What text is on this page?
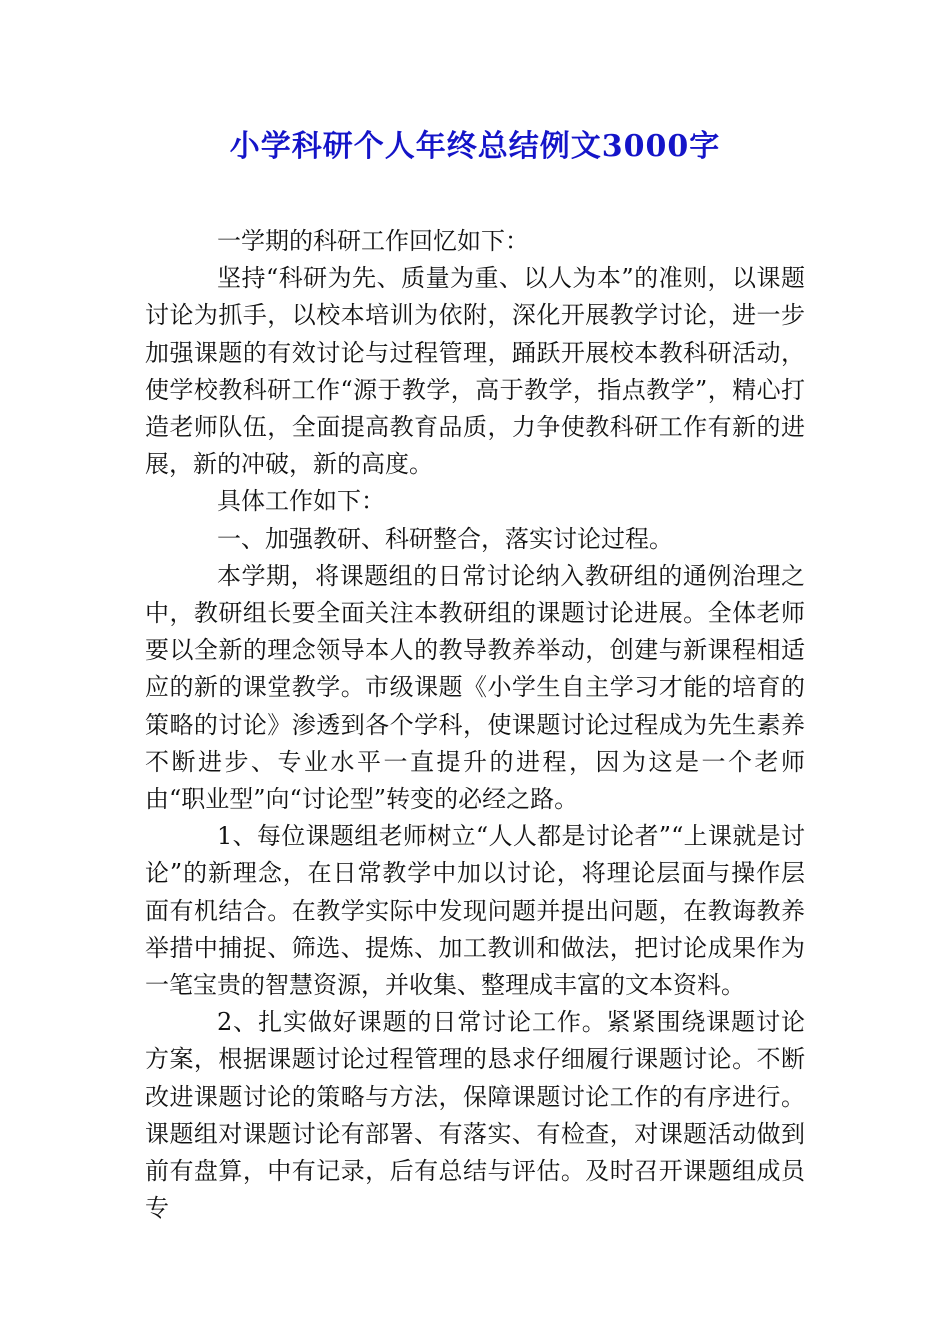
小学科研个人年终总结例文3000字

一学期的科研工作回忆如下：

坚持“科研为先、质量为重、以人为本”的准则，以课题讨论为抓手，以校本培训为依附，深化开展教学讨论，进一步加强课题的有效讨论与过程管理，踊跃开展校本教科研活动，使学校教科研工作“源于教学，高于教学，指点教学”，精心打造老师队伍，全面提高教育品质，力争使教科研工作有新的进展，新的冲破，新的高度。

具体工作如下：

一、加强教研、科研整合，落实讨论过程。

本学期，将课题组的日常讨论纳入教研组的通例治理之中，教研组长要全面关注本教研组的课题讨论进展。全体老师要以全新的理念领导本人的教导教养举动，创建与新课程相适应的新的课堂教学。市级课题《小学生自主学习才能的培育的策略的讨论》渗透到各个学科，使课题讨论过程成为先生素养不断进步、专业水平一直提升的进程，因为这是一个老师由“职业型”向“讨论型”转变的必经之路。

1、每位课题组老师树立“人人都是讨论者”“上课就是讨论”的新理念，在日常教学中加以讨论，将理论层面与操作层面有机结合。在教学实际中发现问题并提出问题，在教诲教养举措中捕捉、筛选、提炼、加工教训和做法，把讨论成果作为一笔宝贵的智慧资源，并收集、整理成丰富的文本资料。

2、扎实做好课题的日常讨论工作。紧紧围绕课题讨论方案，根据课题讨论过程管理的恳求仔细履行课题讨论。不断改进课题讨论的策略与方法，保障课题讨论工作的有序进行。课题组对课题讨论有部署、有落实、有检查，对课题活动做到前有盘算，中有记录，后有总结与评估。及时召开课题组成员专
